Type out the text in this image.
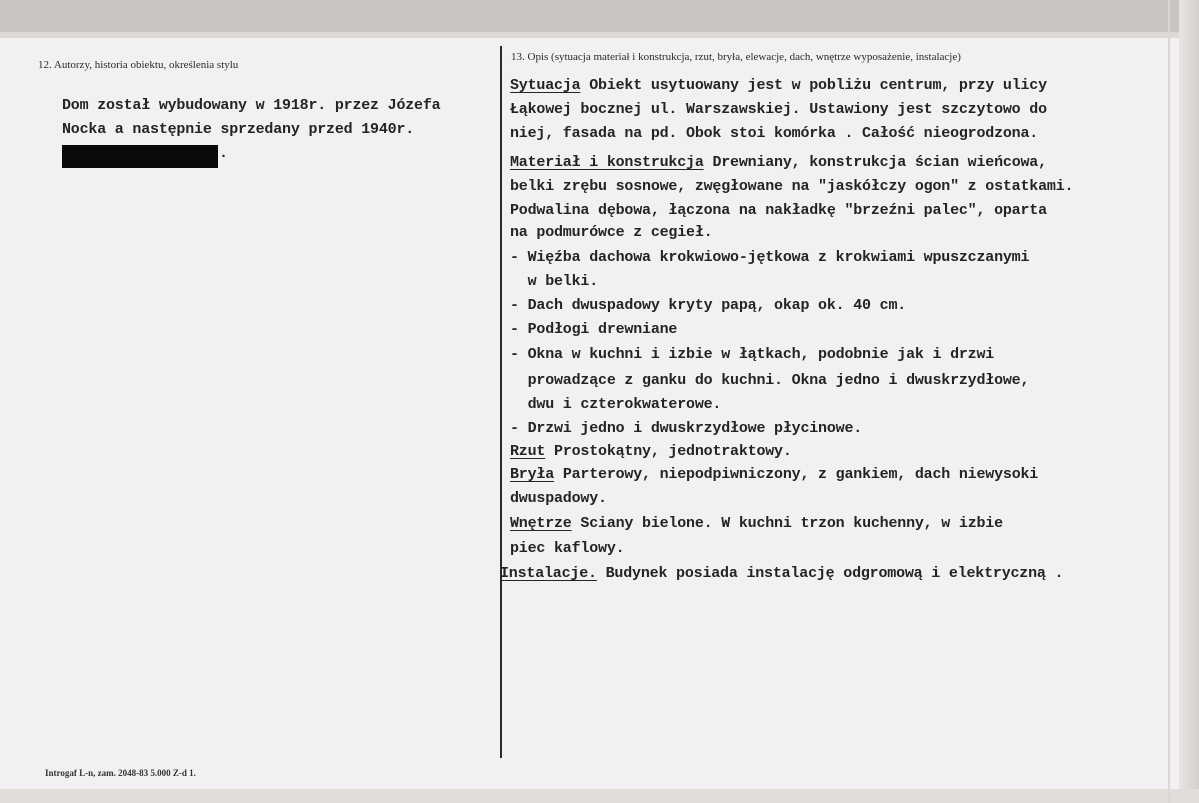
12. Autorzy, historia obiektu, określenia stylu
13. Opis (sytuacja materiał i konstrukcja, rzut, bryła, elewacje, dach, wnętrze wyposażenie, instalacje)
Dom został wybudowany w 1918r. przez Józefa
Nocka a następnie sprzedany przed 1940r.
.
Sytuacja Obiekt usytuowany jest w pobliżu centrum, przy ulicy
Łąkowej bocznej ul. Warszawskiej. Ustawiony jest szczytowo do
niej, fasada na pd. Obok stoi komórka . Całość nieogrodzona.
Materiał i konstrukcja Drewniany, konstrukcja ścian wieńcowa,
belki zrębu sosnowe, zwęgłowane na "jaskółczy ogon" z ostatkami.
Podwalina dębowa, łączona na nakładkę "brzeźni palec", oparta
na podmurówce z cegieł.
- Więźba dachowa krokwiowo-jętkowa z krokwiami wpuszczanymi
w belki.
- Dach dwuspadowy kryty papą, okap ok. 40 cm.
- Podłogi drewniane
- Okna w kuchni i izbie w łątkach, podobnie jak i drzwi
prowadzące z ganku do kuchni. Okna jedno i dwuskrzydłowe,
dwu i czterokwaterowe.
- Drzwi jedno i dwuskrzydłowe płycinowe.
Rzut Prostokątny, jednotraktowy.
Bryła Parterowy, niepodpiwniczony, z gankiem, dach niewysoki
dwuspadowy.
Wnętrze Sciany bielone. W kuchni trzon kuchenny, w izbie
piec kaflowy.
Instalacje. Budynek posiada instalację odgromową i elektryczną .
Introgaf L-n, zam. 2048-83 5.000 Z-d 1.
